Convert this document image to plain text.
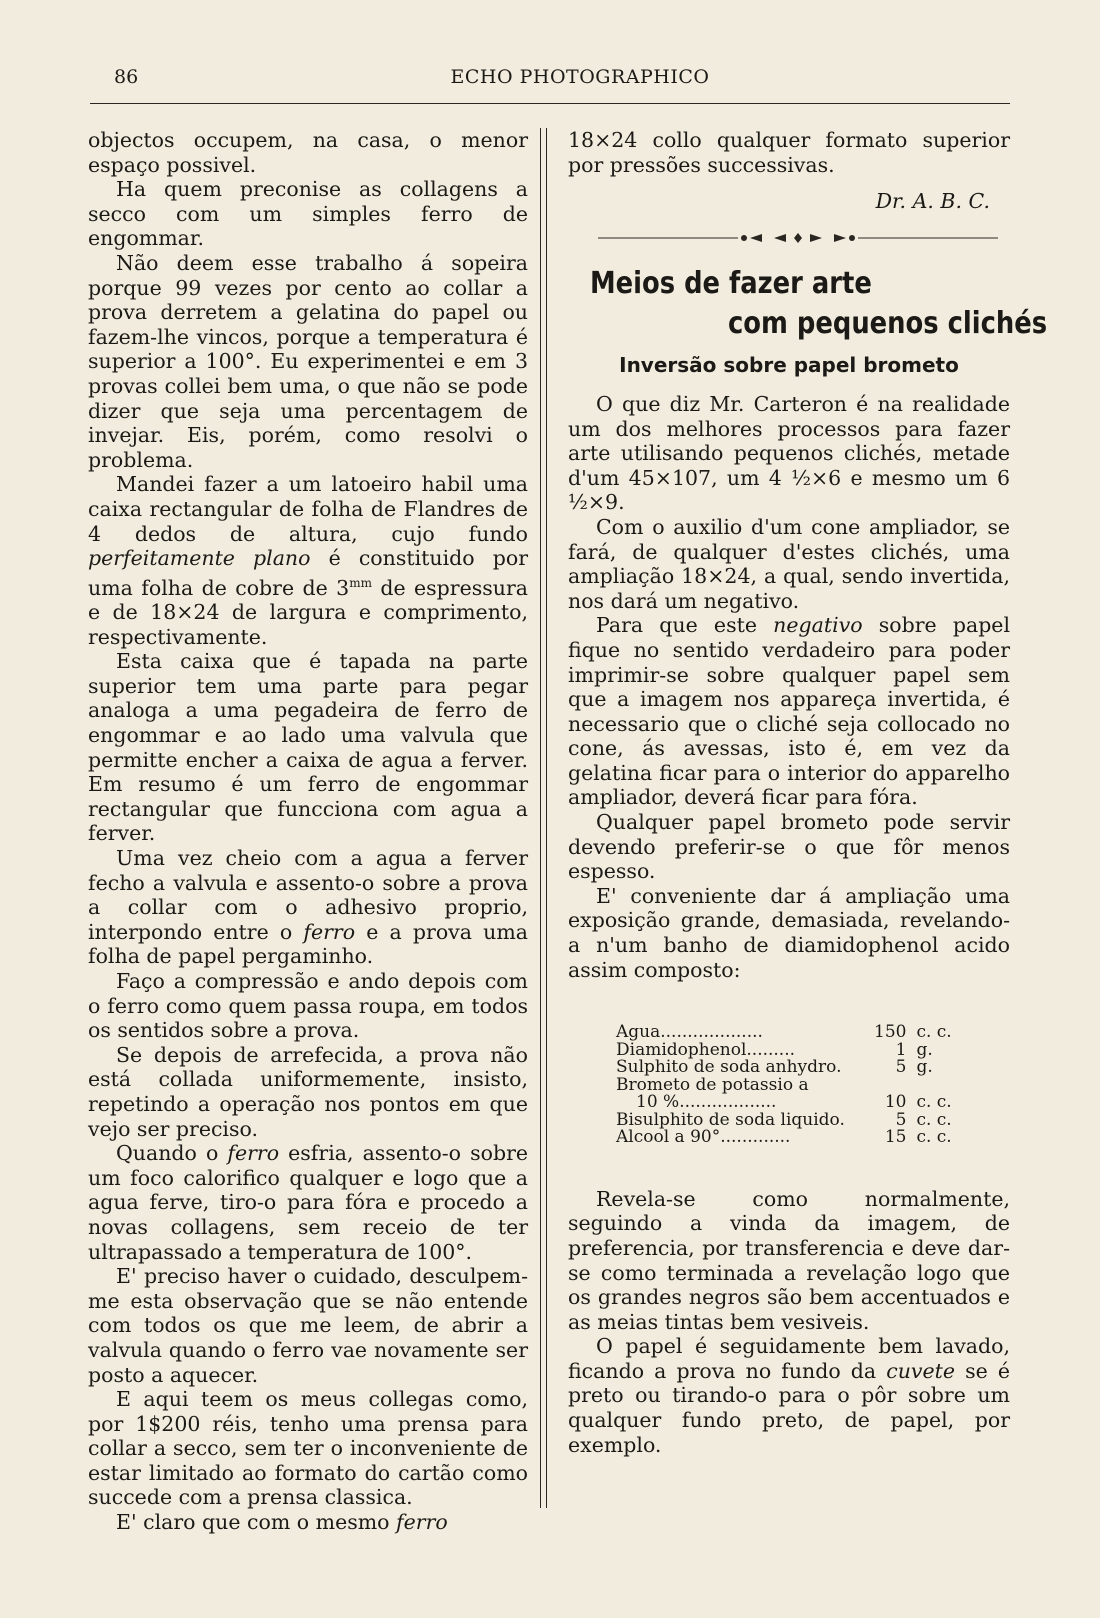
86	ECHO PHOTOGRAPHICO

objectos occupem, na casa, o menor espaço possivel.

Ha quem preconise as collagens a secco com um simples ferro de engommar.

Não deem esse trabalho á sopeira porque 99 vezes por cento ao collar a prova derretem a gelatina do papel ou fazem-lhe vincos, porque a temperatura é superior a 100°. Eu experimentei e em 3 provas collei bem uma, o que não se pode dizer que seja uma percentagem de invejar. Eis, porém, como resolvi o problema.

Mandei fazer a um latoeiro habil uma caixa rectangular de folha de Flandres de 4 dedos de altura, cujo fundo perfeitamente plano é constituido por uma folha de cobre de $3^{mm}$ de espressura e de 18×24 de largura e comprimento, respectivamente.

Esta caixa que é tapada na parte superior tem uma parte para pegar analoga a uma pegadeira de ferro de engommar e ao lado uma valvula que permitte encher a caixa de agua a ferver. Em resumo é um ferro de engommar rectangular que funcciona com agua a ferver.

Uma vez cheio com a agua a ferver fecho a valvula e assento-o sobre a prova a collar com o adhesivo proprio, interpondo entre o ferro e a prova uma folha de papel pergaminho.

Faço a compressão e ando depois com o ferro como quem passa roupa, em todos os sentidos sobre a prova.

Se depois de arrefecida, a prova não está collada uniformemente, insisto, repetindo a operação nos pontos em que vejo ser preciso.

Quando o ferro esfria, assento-o sobre um foco calorifico qualquer e logo que a agua ferve, tiro-o para fóra e procedo a novas collagens, sem receio de ter ultrapassado a temperatura de 100°.

E' preciso haver o cuidado, desculpem-me esta observação que se não entende com todos os que me leem, de abrir a valvula quando o ferro vae novamente ser posto a aquecer.

E aqui teem os meus collegas como, por 1$200 réis, tenho uma prensa para collar a secco, sem ter o inconveniente de estar limitado ao formato do cartão como succede com a prensa classica.

E' claro que com o mesmo ferro

18×24 collo qualquer formato superior por pressões successivas.

Dr. A. B. C.

Meios de fazer arte
com pequenos clichés
Inversão sobre papel brometo

O que diz Mr. Carteron é na realidade um dos melhores processos para fazer arte utilisando pequenos clichés, metade d'um 45×107, um 4 ½×6 e mesmo um 6 ½×9.

Com o auxilio d'um cone ampliador, se fará, de qualquer d'estes clichés, uma ampliação 18×24, a qual, sendo invertida, nos dará um negativo.

Para que este negativo sobre papel fique no sentido verdadeiro para poder imprimir-se sobre qualquer papel sem que a imagem nos appareça invertida, é necessario que o cliché seja collocado no cone, ás avessas, isto é, em vez da gelatina ficar para o interior do apparelho ampliador, deverá ficar para fóra.

Qualquer papel brometo pode servir devendo preferir-se o que fôr menos espesso.

E' conveniente dar á ampliação uma exposição grande, demasiada, revelando-a n'um banho de diamidophenol acido assim composto:

Agua...................	150	c. c.
Diamidophenol.........	1	g.
Sulphito de soda anhydro.	5	g.
Brometo de potassio a		
10 %..................	10	c. c.
Bisulphito de soda liquido.	5	c. c.
Alcool a 90°.............	15	c. c.

Revela-se como normalmente, seguindo a vinda da imagem, de preferencia, por transferencia e deve dar-se como terminada a revelação logo que os grandes negros são bem accentuados e as meias tintas bem vesiveis.

O papel é seguidamente bem lavado, ficando a prova no fundo da cuvete se é preto ou tirando-o para o pôr sobre um qualquer fundo preto, de papel, por exemplo.
